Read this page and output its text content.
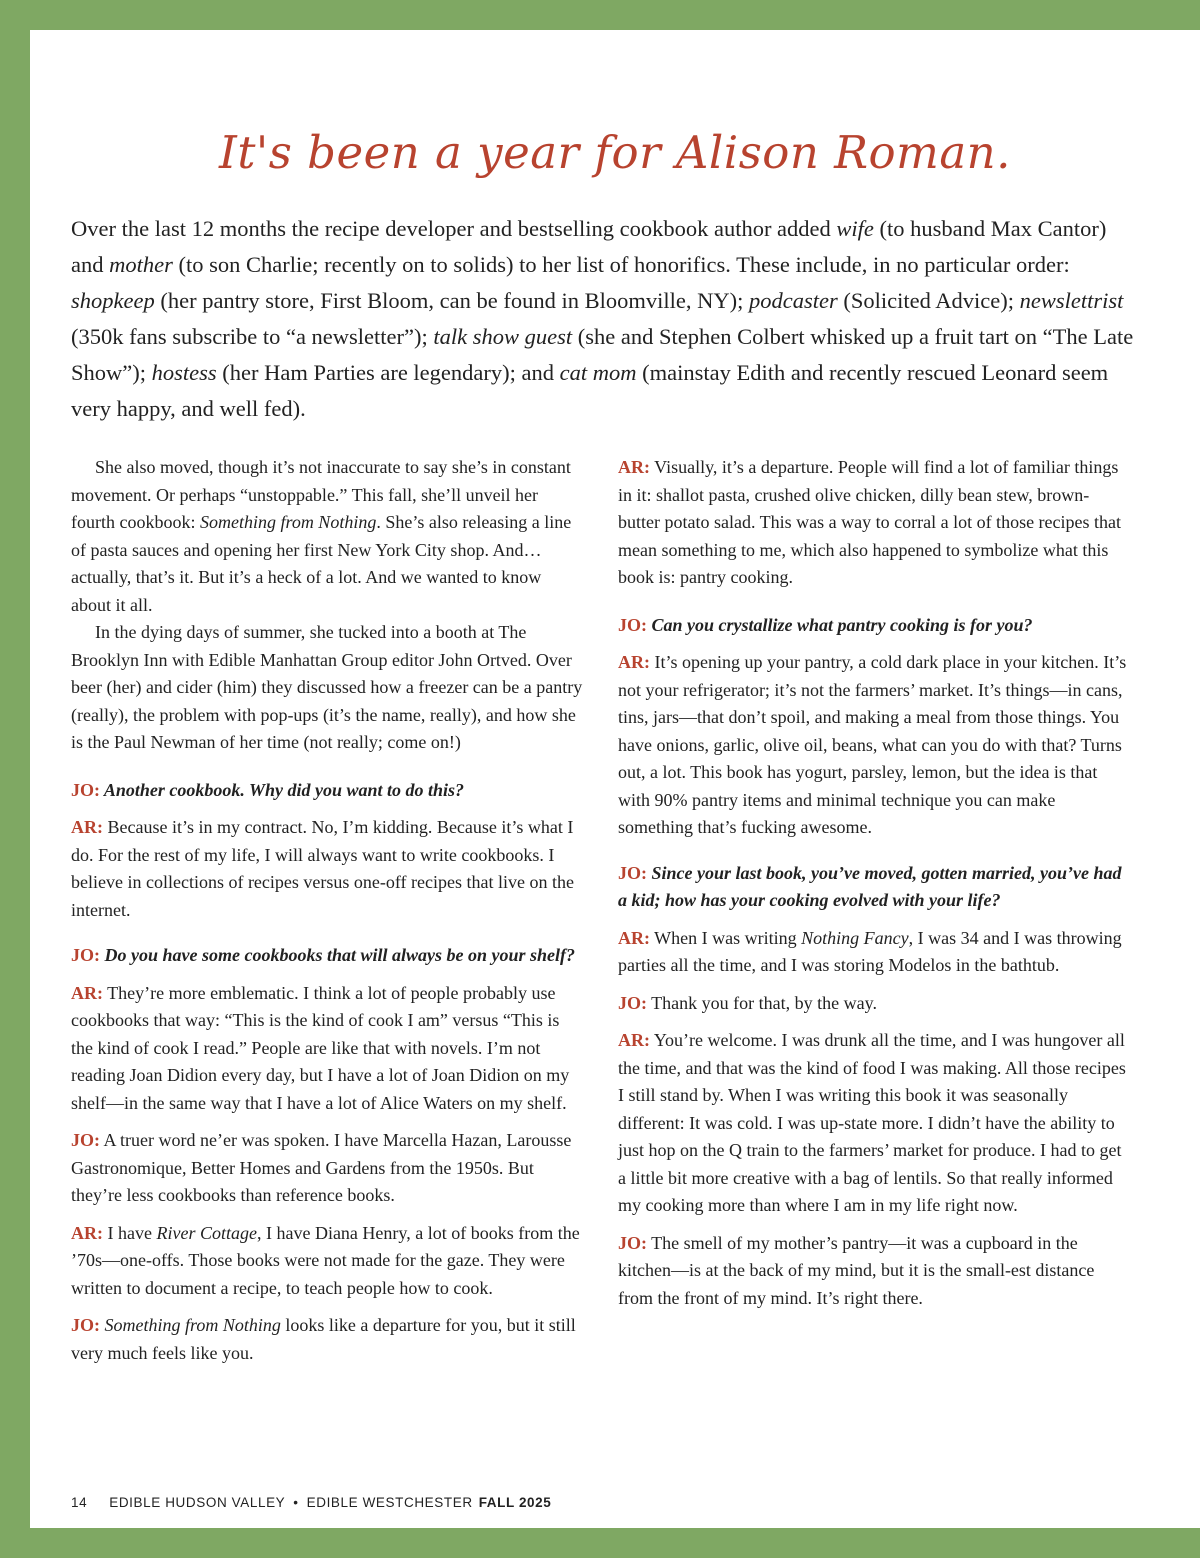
It's been a year for Alison Roman.

Over the last 12 months the recipe developer and bestselling cookbook author added wife (to husband Max Cantor) and mother (to son Charlie; recently on to solids) to her list of honorifics. These include, in no particular order: shopkeep (her pantry store, First Bloom, can be found in Bloomville, NY); podcaster (Solicited Advice); newslettrist (350k fans subscribe to “a newsletter”); talk show guest (she and Stephen Colbert whisked up a fruit tart on “The Late Show”); hostess (her Ham Parties are legendary); and cat mom (mainstay Edith and recently rescued Leonard seem very happy, and well fed).

She also moved, though it’s not inaccurate to say she’s in constant movement. Or perhaps “unstoppable.” This fall, she’ll unveil her fourth cookbook: Something from Nothing. She’s also releasing a line of pasta sauces and opening her first New York City shop. And…actually, that’s it. But it’s a heck of a lot. And we wanted to know about it all.

In the dying days of summer, she tucked into a booth at The Brooklyn Inn with Edible Manhattan Group editor John Ortved. Over beer (her) and cider (him) they discussed how a freezer can be a pantry (really), the problem with pop-ups (it’s the name, really), and how she is the Paul Newman of her time (not really; come on!)

JO: Another cookbook. Why did you want to do this?

AR: Because it’s in my contract. No, I’m kidding. Because it’s what I do. For the rest of my life, I will always want to write cookbooks. I believe in collections of recipes versus one-off recipes that live on the internet.

JO: Do you have some cookbooks that will always be on your shelf?

AR: They’re more emblematic. I think a lot of people probably use cookbooks that way: “This is the kind of cook I am” versus “This is the kind of cook I read.” People are like that with novels. I’m not reading Joan Didion every day, but I have a lot of Joan Didion on my shelf—in the same way that I have a lot of Alice Waters on my shelf.

JO: A truer word ne’er was spoken. I have Marcella Hazan, Larousse Gastronomique, Better Homes and Gardens from the 1950s. But they’re less cookbooks than reference books.

AR: I have River Cottage, I have Diana Henry, a lot of books from the ’70s—one-offs. Those books were not made for the gaze. They were written to document a recipe, to teach people how to cook.

JO: Something from Nothing looks like a departure for you, but it still very much feels like you.

AR: Visually, it’s a departure. People will find a lot of familiar things in it: shallot pasta, crushed olive chicken, dilly bean stew, brown-butter potato salad. This was a way to corral a lot of those recipes that mean something to me, which also happened to symbolize what this book is: pantry cooking.

JO: Can you crystallize what pantry cooking is for you?

AR: It’s opening up your pantry, a cold dark place in your kitchen. It’s not your refrigerator; it’s not the farmers’ market. It’s things—in cans, tins, jars—that don’t spoil, and making a meal from those things. You have onions, garlic, olive oil, beans, what can you do with that? Turns out, a lot. This book has yogurt, parsley, lemon, but the idea is that with 90% pantry items and minimal technique you can make something that’s fucking awesome.

JO: Since your last book, you’ve moved, gotten married, you’ve had a kid; how has your cooking evolved with your life?

AR: When I was writing Nothing Fancy, I was 34 and I was throwing parties all the time, and I was storing Modelos in the bathtub.

JO: Thank you for that, by the way.

AR: You’re welcome. I was drunk all the time, and I was hungover all the time, and that was the kind of food I was making. All those recipes I still stand by. When I was writing this book it was seasonally different: It was cold. I was up-state more. I didn’t have the ability to just hop on the Q train to the farmers’ market for produce. I had to get a little bit more creative with a bag of lentils. So that really informed my cooking more than where I am in my life right now.

JO: The smell of my mother’s pantry—it was a cupboard in the kitchen—is at the back of my mind, but it is the small-est distance from the front of my mind. It’s right there.

14 EDIBLE HUDSON VALLEY • EDIBLE WESTCHESTER FALL 2025
